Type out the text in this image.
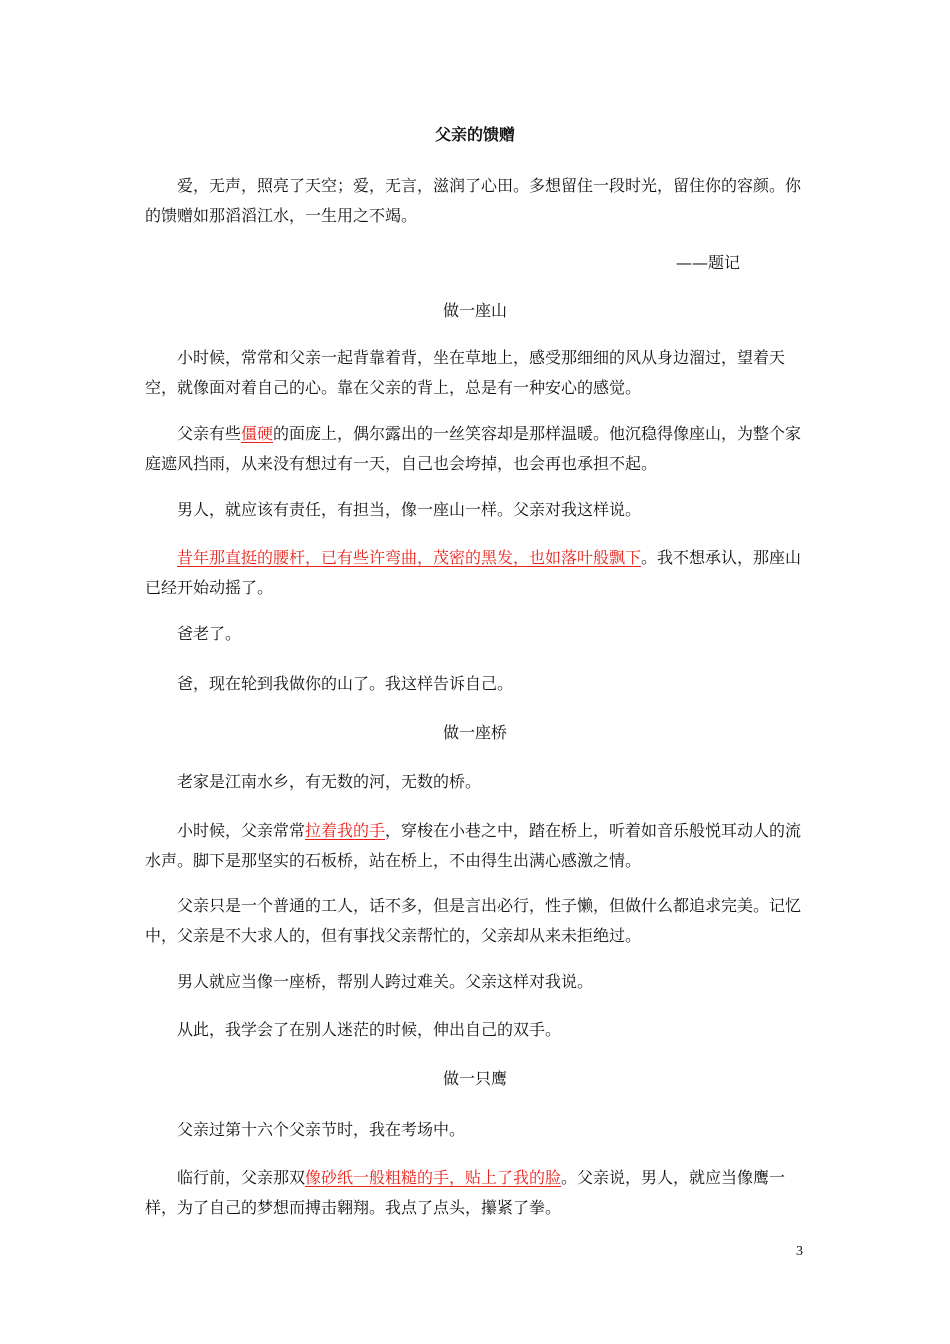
父亲的馈赠
爱，无声，照亮了天空；爱，无言，滋润了心田。多想留住一段时光，留住你的容颜。你的馈赠如那滔滔江水，一生用之不竭。
——题记
做一座山
小时候，常常和父亲一起背靠着背，坐在草地上，感受那细细的风从身边溜过，望着天空，就像面对着自己的心。靠在父亲的背上，总是有一种安心的感觉。
父亲有些僵硬的面庞上，偶尔露出的一丝笑容却是那样温暖。他沉稳得像座山，为整个家庭遮风挡雨，从来没有想过有一天，自己也会垮掉，也会再也承担不起。
男人，就应该有责任，有担当，像一座山一样。父亲对我这样说。
昔年那直挺的腰杆，已有些许弯曲，茂密的黑发，也如落叶般飘下。我不想承认，那座山已经开始动摇了。
爸老了。
爸，现在轮到我做你的山了。我这样告诉自己。
做一座桥
老家是江南水乡，有无数的河，无数的桥。
小时候，父亲常常拉着我的手，穿梭在小巷之中，踏在桥上，听着如音乐般悦耳动人的流水声。脚下是那坚实的石板桥，站在桥上，不由得生出满心感激之情。
父亲只是一个普通的工人，话不多，但是言出必行，性子懒，但做什么都追求完美。记忆中，父亲是不大求人的，但有事找父亲帮忙的，父亲却从来未拒绝过。
男人就应当像一座桥，帮别人跨过难关。父亲这样对我说。
从此，我学会了在别人迷茫的时候，伸出自己的双手。
做一只鹰
父亲过第十六个父亲节时，我在考场中。
临行前，父亲那双像砂纸一般粗糙的手，贴上了我的脸。父亲说，男人，就应当像鹰一样，为了自己的梦想而搏击翱翔。我点了点头，攥紧了拳。
3
